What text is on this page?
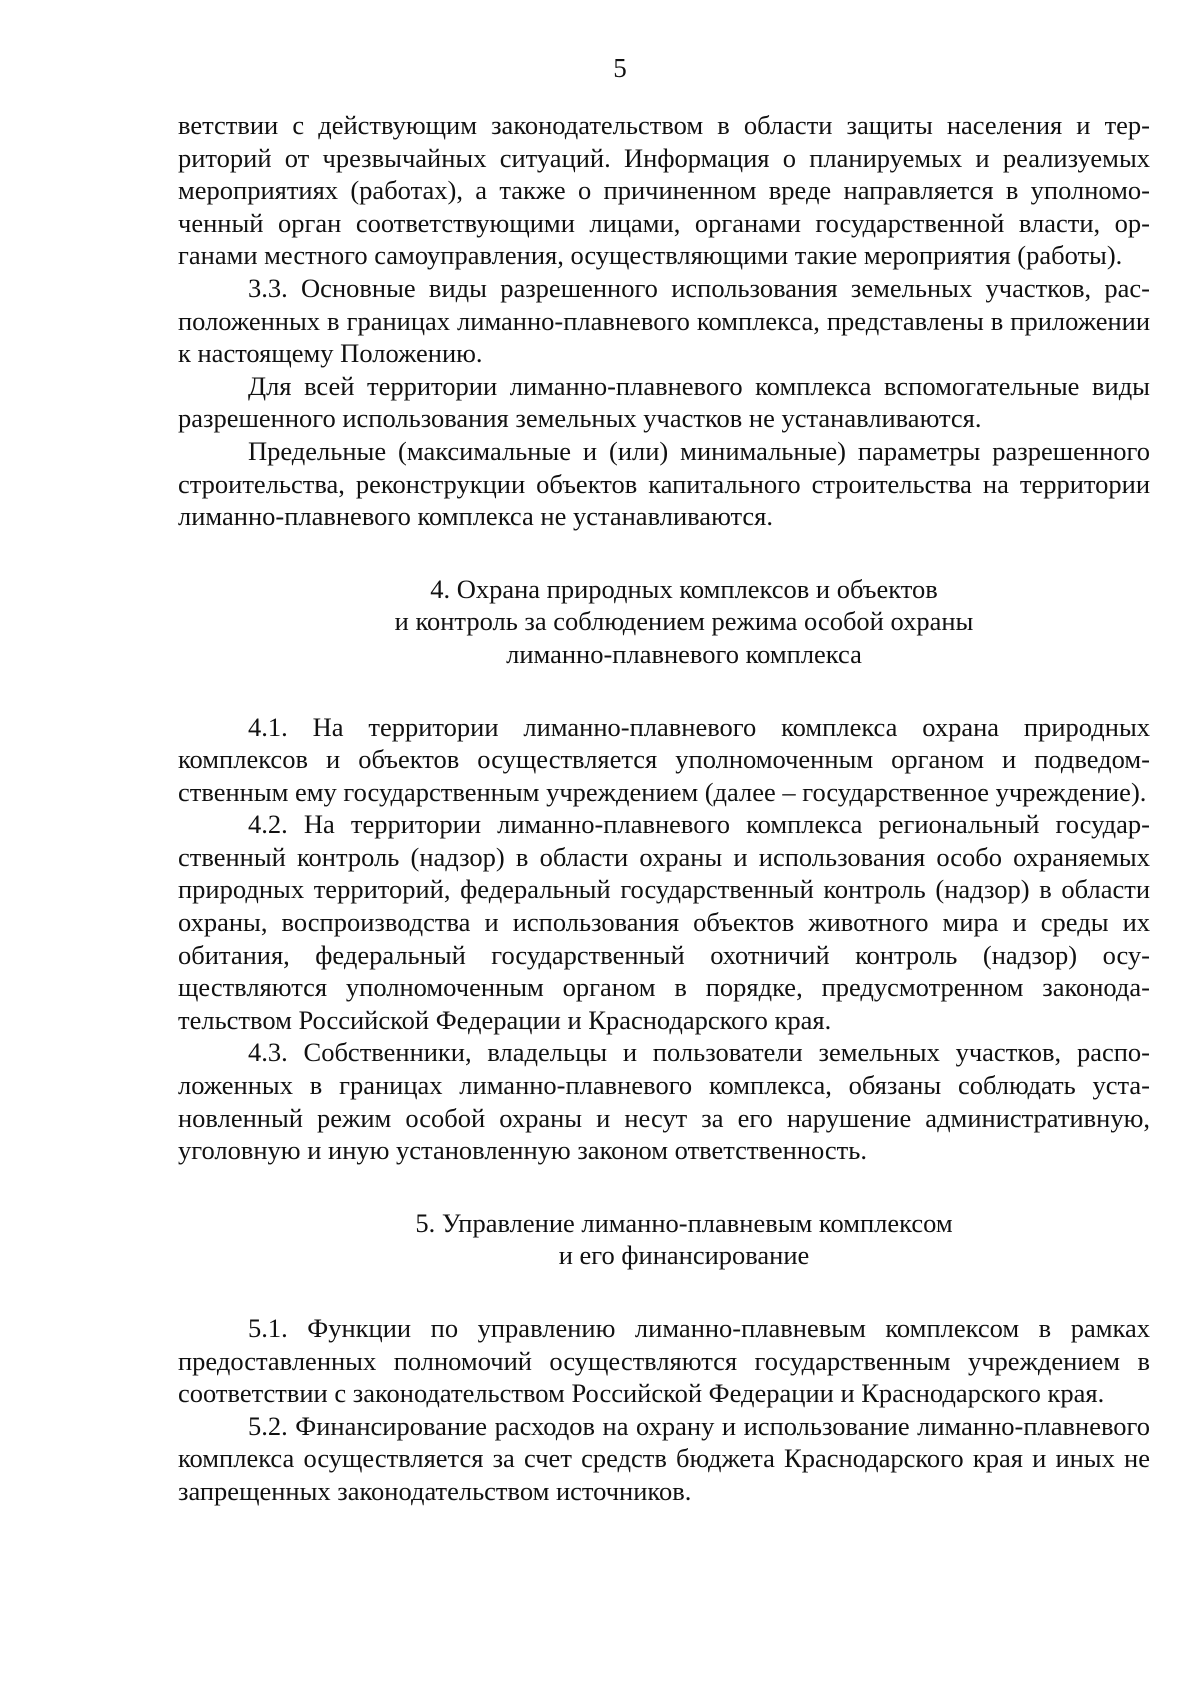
5

ветствии с действующим законодательством в области защиты населения и территорий от чрезвычайных ситуаций. Информация о планируемых и реализуемых мероприятиях (работах), а также о причиненном вреде направляется в уполномоченный орган соответствующими лицами, органами государственной власти, органами местного самоуправления, осуществляющими такие мероприятия (работы).

3.3. Основные виды разрешенного использования земельных участков, расположенных в границах лиманно-плавневого комплекса, представлены в приложении к настоящему Положению.

Для всей территории лиманно-плавневого комплекса вспомогательные виды разрешенного использования земельных участков не устанавливаются.

Предельные (максимальные и (или) минимальные) параметры разрешенного строительства, реконструкции объектов капитального строительства на территории лиманно-плавневого комплекса не устанавливаются.

4. Охрана природных комплексов и объектов
и контроль за соблюдением режима особой охраны
лиманно-плавневого комплекса

4.1. На территории лиманно-плавневого комплекса охрана природных комплексов и объектов осуществляется уполномоченным органом и подведомственным ему государственным учреждением (далее – государственное учреждение).

4.2. На территории лиманно-плавневого комплекса региональный государственный контроль (надзор) в области охраны и использования особо охраняемых природных территорий, федеральный государственный контроль (надзор) в области охраны, воспроизводства и использования объектов животного мира и среды их обитания, федеральный государственный охотничий контроль (надзор) осуществляются уполномоченным органом в порядке, предусмотренном законодательством Российской Федерации и Краснодарского края.

4.3. Собственники, владельцы и пользователи земельных участков, расположенных в границах лиманно-плавневого комплекса, обязаны соблюдать установленный режим особой охраны и несут за его нарушение административную, уголовную и иную установленную законом ответственность.

5. Управление лиманно-плавневым комплексом
и его финансирование

5.1. Функции по управлению лиманно-плавневым комплексом в рамках предоставленных полномочий осуществляются государственным учреждением в соответствии с законодательством Российской Федерации и Краснодарского края.

5.2. Финансирование расходов на охрану и использование лиманно-плавневого комплекса осуществляется за счет средств бюджета Краснодарского края и иных не запрещенных законодательством источников.
